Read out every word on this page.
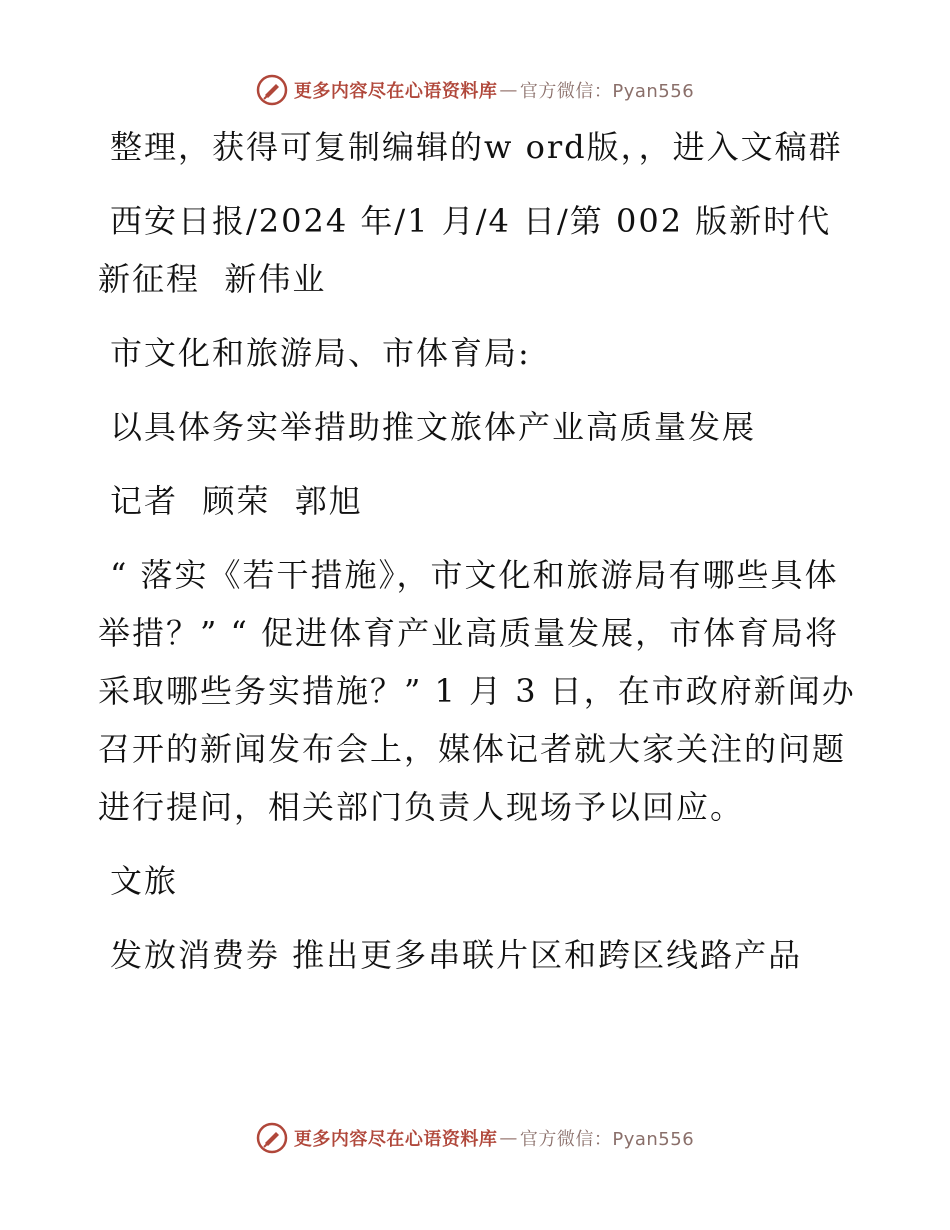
更多内容尽在心语资料库 — 官方微信：Pyan556

整理，获得可复制编辑的w ord版，，进入文稿群

西安日报/2024 年/1 月/4 日/第 002 版新时代新征程  新伟业

市文化和旅游局、市体育局:

以具体务实举措助推文旅体产业高质量发展

记者  顾荣  郭旭

“ 落实《若干措施》，市文化和旅游局有哪些具体举措？” “ 促进体育产业高质量发展，市体育局将采取哪些务实措施？” 1 月 3 日，在市政府新闻办召开的新闻发布会上，媒体记者就大家关注的问题进行提问，相关部门负责人现场予以回应。

文旅

发放消费券 推出更多串联片区和跨区线路产品

更多内容尽在心语资料库 — 官方微信：Pyan556
